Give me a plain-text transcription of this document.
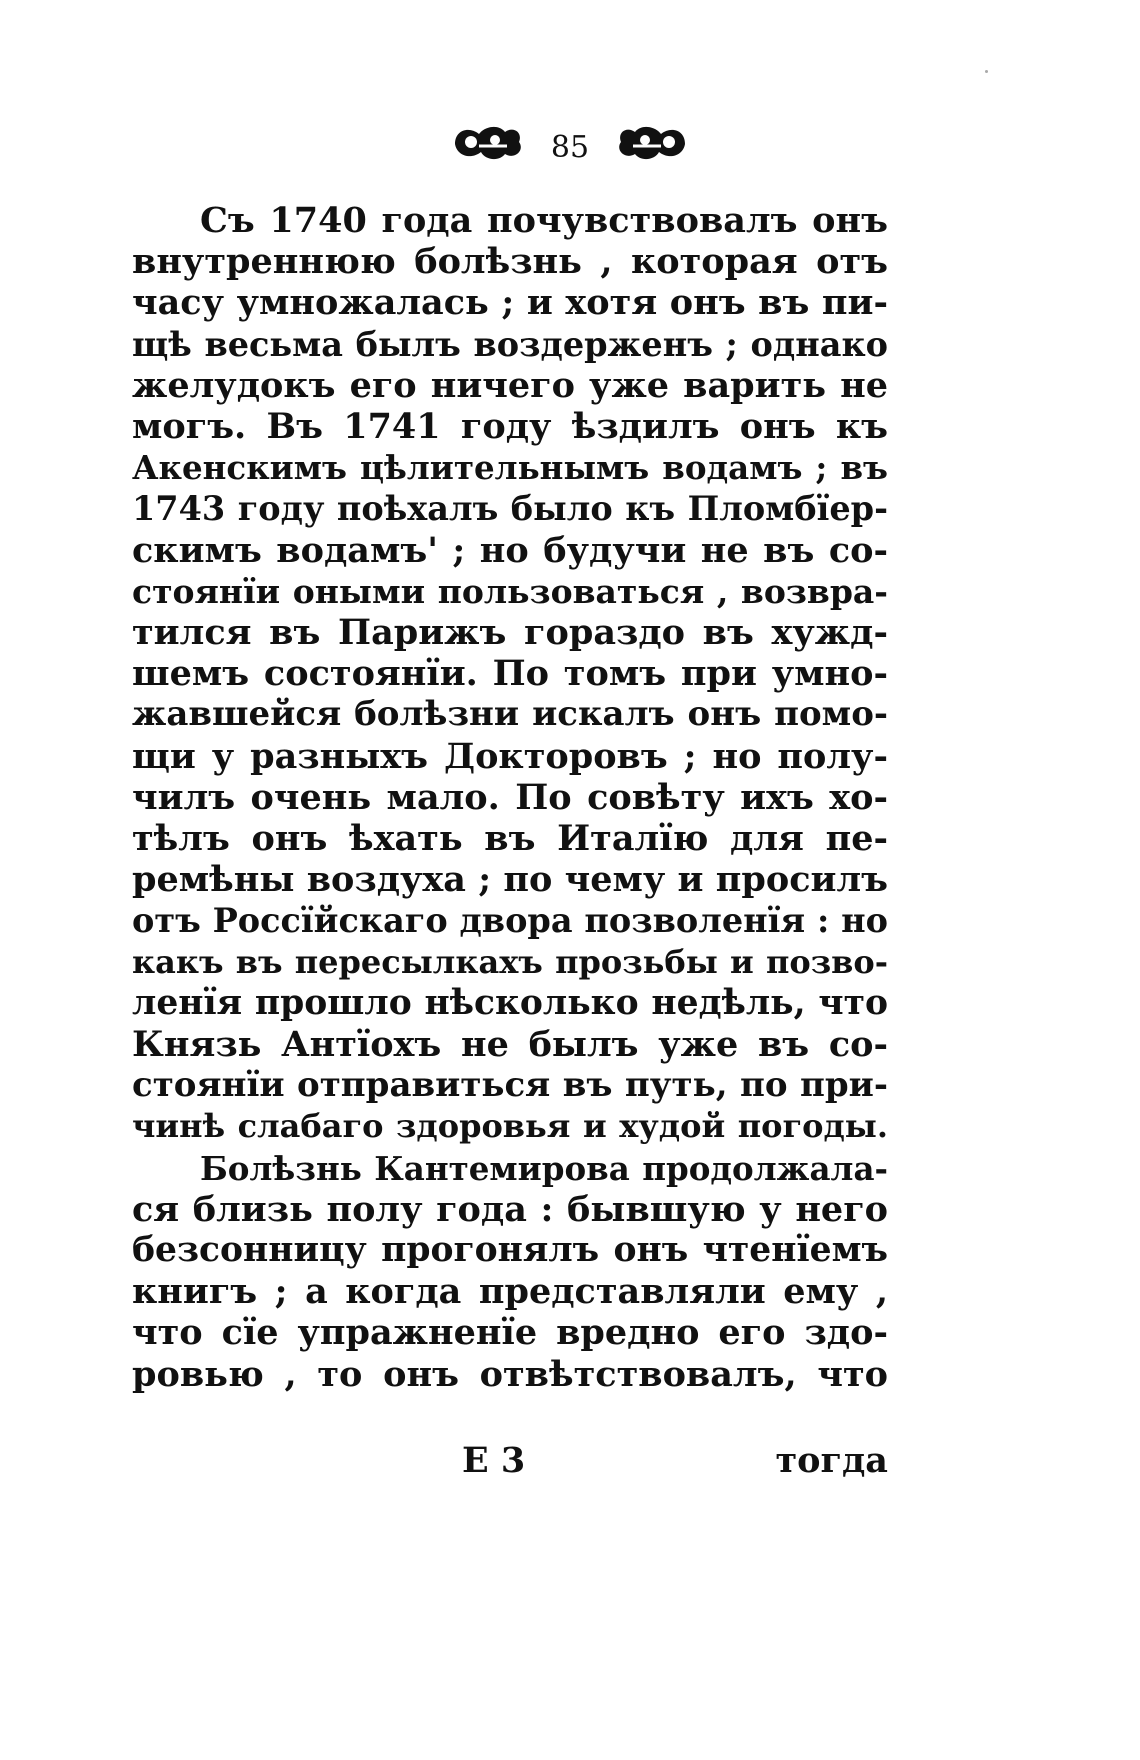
85
Съ 1740 года почувствовалъ онъ
внутреннюю болѣзнь , которая отъ
часу умножалась ; и хотя онъ въ пи-
щѣ весьма былъ воздерженъ ; однако
желудокъ его ничего уже варить не
могъ. Въ 1741 году ѣздилъ онъ къ
Акенскимъ цѣлительнымъ водамъ ; въ
1743 году поѣхалъ было къ Пломбїер-
скимъ водамъ' ; но будучи не въ со-
стоянїи оными пользоваться , возвра-
тился въ Парижъ гораздо въ хужд-
шемъ состоянїи. По томъ при умно-
жавшейся болѣзни искалъ онъ помо-
щи у разныхъ Докторовъ ; но полу-
чилъ очень мало. По совѣту ихъ хо-
тѣлъ онъ ѣхать въ Италїю для пе-
ремѣны воздуха ; по чему и просилъ
отъ Россїйскаго двора позволенїя : но
какъ въ пересылкахъ прозьбы и позво-
ленїя прошло нѣсколько недѣль, что
Князь Антїохъ не былъ уже въ со-
стоянїи отправиться въ путь, по при-
чинѣ слабаго здоровья и худой погоды.
Болѣзнь Кантемирова продолжала-
ся близь полу года : бывшую у него
безсонницу прогонялъ онъ чтенїемъ
книгъ ; а когда представляли ему ,
что сїе упражненїе вредно его здо-
ровью , то онъ отвѣтствовалъ, что
E 3	тогда
